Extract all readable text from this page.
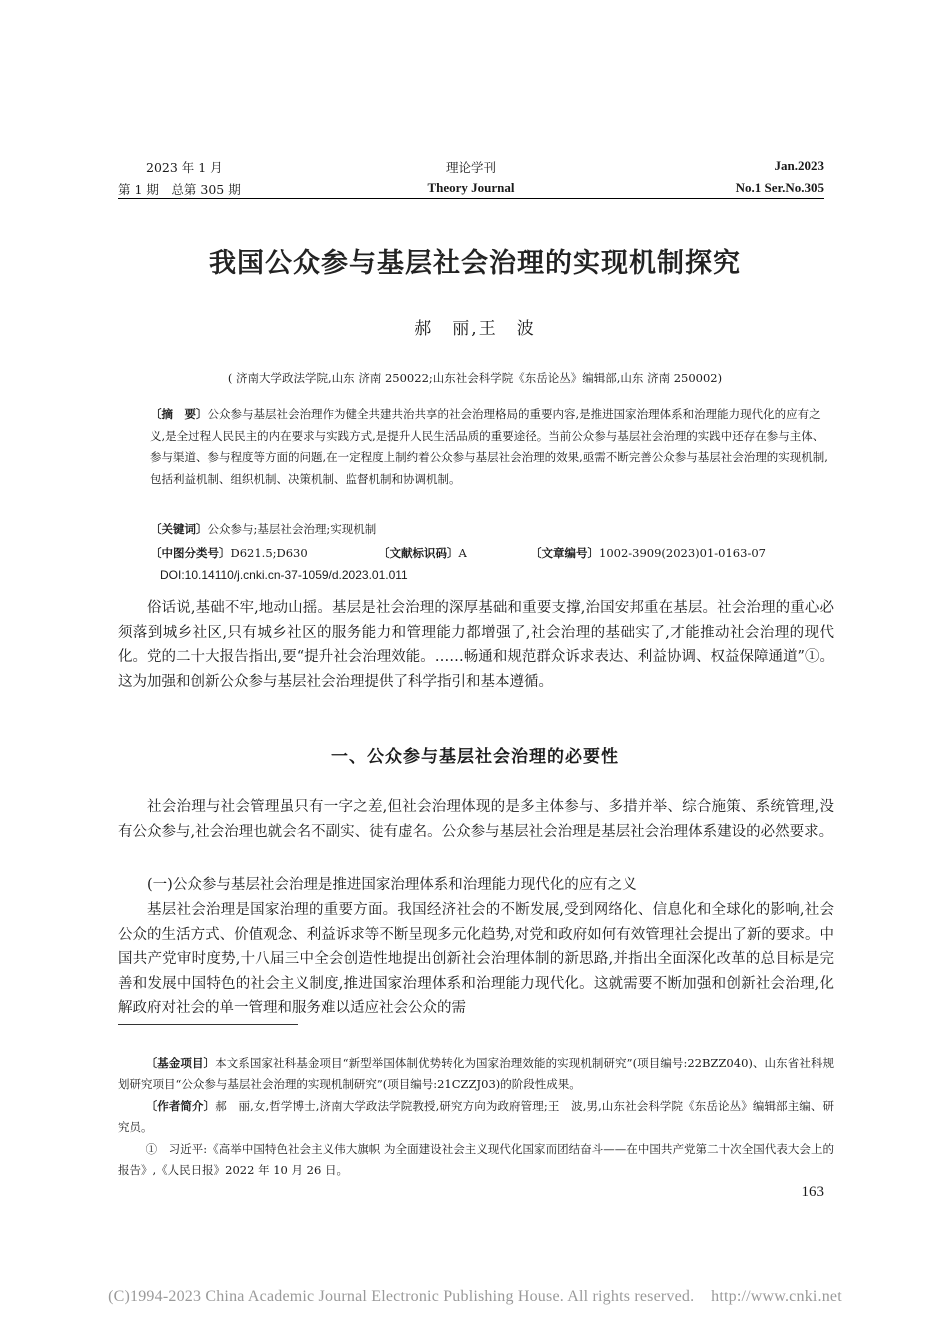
2023 年 1 月	理论学刊	Jan.2023
第 1 期　总第 305 期	Theory Journal	No.1 Ser.No.305
我国公众参与基层社会治理的实现机制探究
郝　丽,王　波
( 济南大学政法学院,山东 济南 250022;山东社会科学院《东岳论丛》编辑部,山东 济南 250002)
〔摘　要〕公众参与基层社会治理作为健全共建共治共享的社会治理格局的重要内容,是推进国家治理体系和治理能力现代化的应有之义,是全过程人民民主的内在要求与实践方式,是提升人民生活品质的重要途径。当前公众参与基层社会治理的实践中还存在参与主体、参与渠道、参与程度等方面的问题,在一定程度上制约着公众参与基层社会治理的效果,亟需不断完善公众参与基层社会治理的实现机制,包括利益机制、组织机制、决策机制、监督机制和协调机制。
〔关键词〕公众参与;基层社会治理;实现机制
〔中图分类号〕D621.5;D630	〔文献标识码〕A	〔文章编号〕1002-3909(2023)01-0163-07
DOI:10.14110/j.cnki.cn-37-1059/d.2023.01.011

俗话说,基础不牢,地动山摇。基层是社会治理的深厚基础和重要支撑,治国安邦重在基层。社会治理的重心必须落到城乡社区,只有城乡社区的服务能力和管理能力都增强了,社会治理的基础实了,才能推动社会治理的现代化。党的二十大报告指出,要“提升社会治理效能。……畅通和规范群众诉求表达、利益协调、权益保障通道”①。这为加强和创新公众参与基层社会治理提供了科学指引和基本遵循。

一、公众参与基层社会治理的必要性

社会治理与社会管理虽只有一字之差,但社会治理体现的是多主体参与、多措并举、综合施策、系统管理,没有公众参与,社会治理也就会名不副实、徒有虚名。公众参与基层社会治理是基层社会治理体系建设的必然要求。

(一)公众参与基层社会治理是推进国家治理体系和治理能力现代化的应有之义

基层社会治理是国家治理的重要方面。我国经济社会的不断发展,受到网络化、信息化和全球化的影响,社会公众的生活方式、价值观念、利益诉求等不断呈现多元化趋势,对党和政府如何有效管理社会提出了新的要求。中国共产党审时度势,十八届三中全会创造性地提出创新社会治理体制的新思路,并指出全面深化改革的总目标是完善和发展中国特色的社会主义制度,推进国家治理体系和治理能力现代化。这就需要不断加强和创新社会治理,化解政府对社会的单一管理和服务难以适应社会公众的需

〔基金项目〕本文系国家社科基金项目“新型举国体制优势转化为国家治理效能的实现机制研究”(项目编号:22BZZ040)、山东省社科规划研究项目“公众参与基层社会治理的实现机制研究”(项目编号:21CZZJ03)的阶段性成果。
〔作者简介〕郝　丽,女,哲学博士,济南大学政法学院教授,研究方向为政府管理;王　波,男,山东社会科学院《东岳论丛》编辑部主编、研究员。
①　习近平:《高举中国特色社会主义伟大旗帜 为全面建设社会主义现代化国家而团结奋斗——在中国共产党第二十次全国代表大会上的报告》,《人民日报》2022 年 10 月 26 日。
163
(C)1994-2023 China Academic Journal Electronic Publishing House. All rights reserved.    http://www.cnki.net
